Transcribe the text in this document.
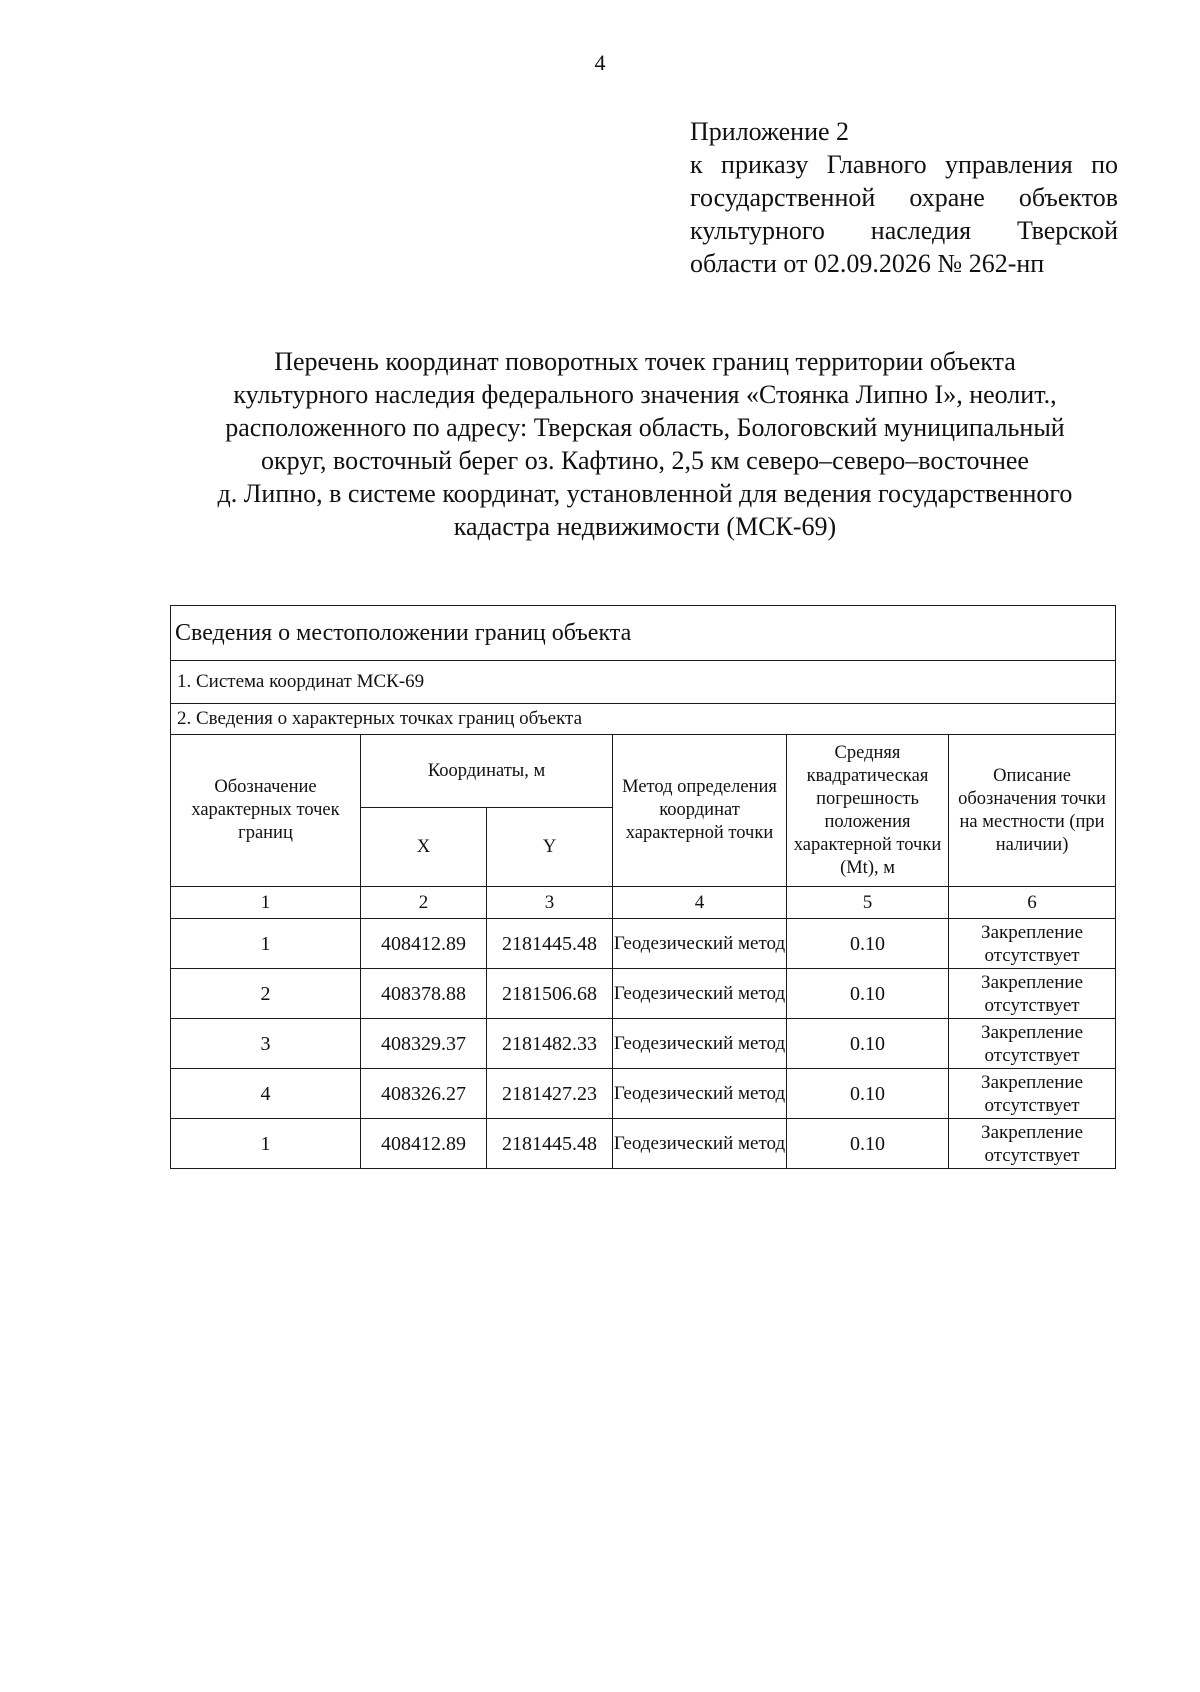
4
Приложение 2
к приказу Главного управления по
государственной охране объектов
культурного наследия Тверской
области от 02.09.2026 № 262-нп
Перечень координат поворотных точек границ территории объекта
культурного наследия федерального значения «Стоянка Липно I», неолит.,
расположенного по адресу: Тверская область, Бологовский муниципальный
округ, восточный берег оз. Кафтино, 2,5 км северо–северо–восточнее
д. Липно, в системе координат, установленной для ведения государственного
кадастра недвижимости (МСК-69)
Сведения о местоположении границ объекта					
1. Система координат МСК-69					
2. Сведения о характерных точках границ объекта					
Обозначение характерных точек границ	Координаты, м		Метод определения координат характерной точки	Средняя квадратическая погрешность положения характерной точки (Mt), м	Описание обозначения точки на местности (при наличии)
	X	Y			
1	2	3	4	5	6
1	408412.89	2181445.48	Геодезический метод	0.10	Закрепление отсутствует
2	408378.88	2181506.68	Геодезический метод	0.10	Закрепление отсутствует
3	408329.37	2181482.33	Геодезический метод	0.10	Закрепление отсутствует
4	408326.27	2181427.23	Геодезический метод	0.10	Закрепление отсутствует
1	408412.89	2181445.48	Геодезический метод	0.10	Закрепление отсутствует
